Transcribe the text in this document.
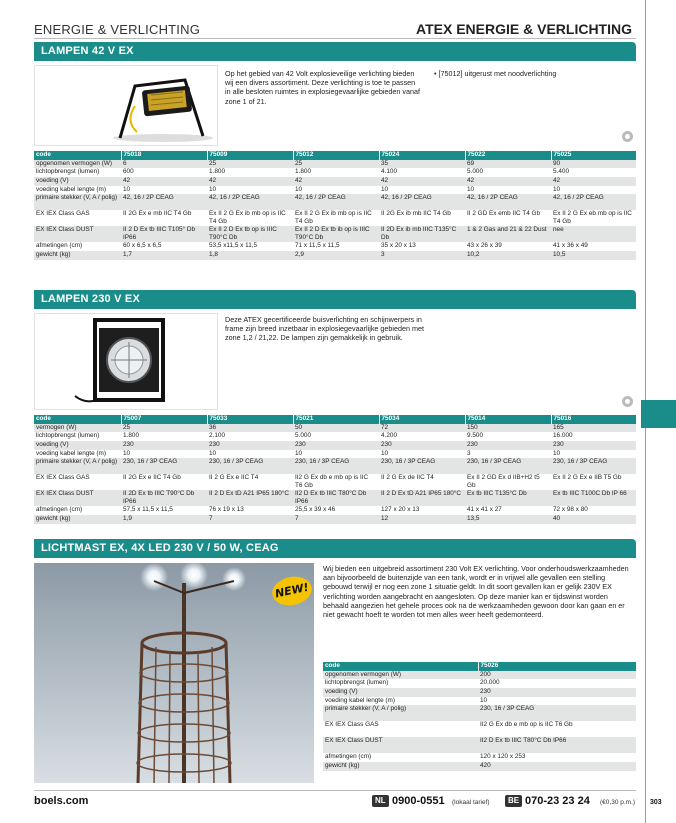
ENERGIE & VERLICHTING	ATEX ENERGIE & VERLICHTING
LAMPEN 42 V EX
Op het gebied van 42 Volt explosieveilige verlichting bieden wij een divers assortiment. Deze verlichting is toe te passen in alle besloten ruimtes in explosiegevaarlijke gebieden vanaf zone 1 of 21.
• [75012] uitgerust met noodverlichting
code	75018	75009	75012	75024	75022	75025
opgenomen vermogen (W)	6	25	25	35	69	90
lichtopbrengst (lumen)	600	1.800	1.800	4.100	5.000	5.400
voeding (V)	42	42	42	42	42	42
voeding kabel lengte (m)	10	10	10	10	10	10
primaire stekker (V, A / polig)	42, 16 / 2P CEAG	42, 16 / 2P CEAG	42, 16 / 2P CEAG	42, 16 / 2P CEAG	42, 16 / 2P CEAG	42, 16 / 2P CEAG
EX IEX Class GAS	II 2G Ex e mb IIC T4 Gb	Ex II 2 G Ex ib mb op is IIC T4 Gb	Ex II 2 G Ex ib mb op is IIC T4 Gb	II 2G Ex ib mb IIC T4 Gb	II 2 GD Ex emb IIC T4 Gb	Ex II 2 G Ex eb mb op is IIC T4 Gb
EX IEX Class DUST	II 2 D Ex tb IIIC T105° Db IP66	Ex II 2 D Ex tb op is IIIC T90°C Db	Ex II 2 D Ex tb ib op is IIIC T90°C Db	II 2D Ex ib mb IIIC T135°C Db	1 & 2 Gas and 21 & 22 Dust	nee
afmetingen (cm)	60 x 6,5 x 6,5	53,5 x11,5 x 11,5	71 x 11,5 x 11,5	35 x 20 x 13	43 x 26 x 39	41 x 36 x 49
gewicht (kg)	1,7	1,8	2,9	3	10,2	10,5
LAMPEN 230 V EX
Deze ATEX gecertificeerde buisverlichting en schijnwerpers in frame zijn breed inzetbaar in explosiegevaarlijke gebieden met zone 1,2 / 21,22. De lampen zijn gemakkelijk in gebruik.
code	75007	75033	75021	75034	75014	75016
vermogen (W)	25	36	50	72	150	165
lichtopbrengst (lumen)	1.800	2.100	5.000	4.200	9.500	16.000
voeding (V)	230	230	230	230	230	230
voeding kabel lengte (m)	10	10	10	10	3	10
primaire stekker (V, A / polig)	230, 16 / 3P CEAG	230, 16 / 3P CEAG	230, 16 / 3P CEAG	230, 16 / 3P CEAG	230, 16 / 3P CEAG	230, 16 / 3P CEAG
EX IEX Class GAS	II 2G Ex e IIC T4 Gb	II 2 G Ex e IIC T4	II2 G Ex db e mb op is IIC T6 Gb	II 2 G Ex de IIC T4	Ex II 2 GD Ex d IIB+H2 t5 Gb	Ex II 2 G Ex e IIB T5 Gb
EX IEX Class DUST	II 2D Ex tb IIIC T90°C Db IP66	II 2 D Ex tD A21 IP65 180°C	II2 D Ex tb IIIC T80°C Db IP66	II 2 D Ex tD A21 IP65 180°C	Ex tb IIIC T135°C Db	Ex tb IIIC T100C Db IP 66
afmetingen (cm)	57,5 x 11,5 x 11,5	76 x 19 x 13	25,5 x 39 x 46	127 x 20 x 13	41 x 41 x 27	72 x 98 x 80
gewicht (kg)	1,9	7	7	12	13,5	40
LICHTMAST EX, 4X LED 230 V / 50 W, CEAG
NEW!
Wij bieden een uitgebreid assortiment 230 Volt EX verlichting. Voor onderhoudswerkzaamheden aan bijvoorbeeld de buitenzijde van een tank, wordt er in vrijwel alle gevallen een stelling gebouwd terwijl er nog een zone 1 situatie geldt. In dit soort gevallen kan er gelijk 230V EX verlichting worden aangebracht en aangesloten. Op deze manier kan er tijdswinst worden behaald aangezien het gehele proces ook na de werkzaamheden gewoon door kan gaan en er niet gewacht hoeft te worden tot men alles weer heeft gedemonteerd.
code	75026
opgenomen vermogen (W)	200
lichtopbrengst (lumen)	20.000
voeding (V)	230
voeding kabel lengte (m)	10
primaire stekker (V, A / polig)	230, 16 / 3P CEAG
EX IEX Class GAS	II2 G Ex db e mb op is IIC T6 Gb
EX IEX Class DUST	II2 D Ex tb IIIC T80°C Db IP66
afmetingen (cm)	120 x 120 x 253
gewicht (kg)	420
boels.com	NL 0900-0551 (lokaal tarief)	BE 070-23 23 24 (€0,30 p.m.) 303
